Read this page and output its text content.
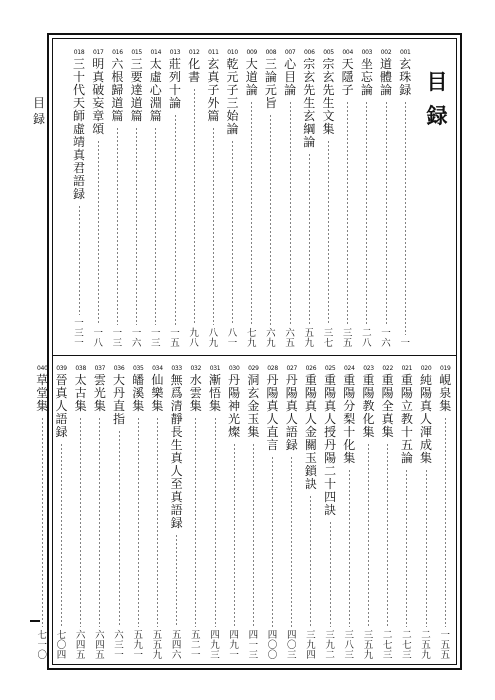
目
録
目
録
001
玄珠録
一
002
道體論
一六
003
坐忘論
二八
004
天隱子
三五
005
宗玄先生文集
三七
006
宗玄先生玄綱論
五九
007
心目論
六五
008
三論元旨
六九
009
大道論
七九
010
乾元子三始論
八一
011
玄真子外篇
八九
012
化書
九八
013
莊列十論
一五
014
太虛心淵篇
一三
015
三要達道篇
一六
016
六根歸道篇
一三
017
明真破妄章頌
一八
018
三十代天師虛靖真君語録
一三一
019
峴泉集
一五五
020
純陽真人渾成集
二五九
021
重陽立教十五論
二七三
022
重陽全真集
二七三
023
重陽教化集
三五九
024
重陽分梨十化集
三八三
025
重陽真人授丹陽二十四訣
三九二
026
重陽真人金關玉鎖訣
三九四
027
丹陽真人語録
四〇三
028
丹陽真人直言
四〇〇
029
洞玄金玉集
四一三
030
丹陽神光燦
四九一
031
漸悟集
四九三
032
水雲集
五二一
033
無爲清靜長生真人至真語録
五四六
034
仙樂集
五五九
035
皤溪集
五九一
036
大丹直指
六三一
037
雲光集
六四五
038
太古集
六四五
039
晉真人語録
七〇四
040
草堂集
七一〇
